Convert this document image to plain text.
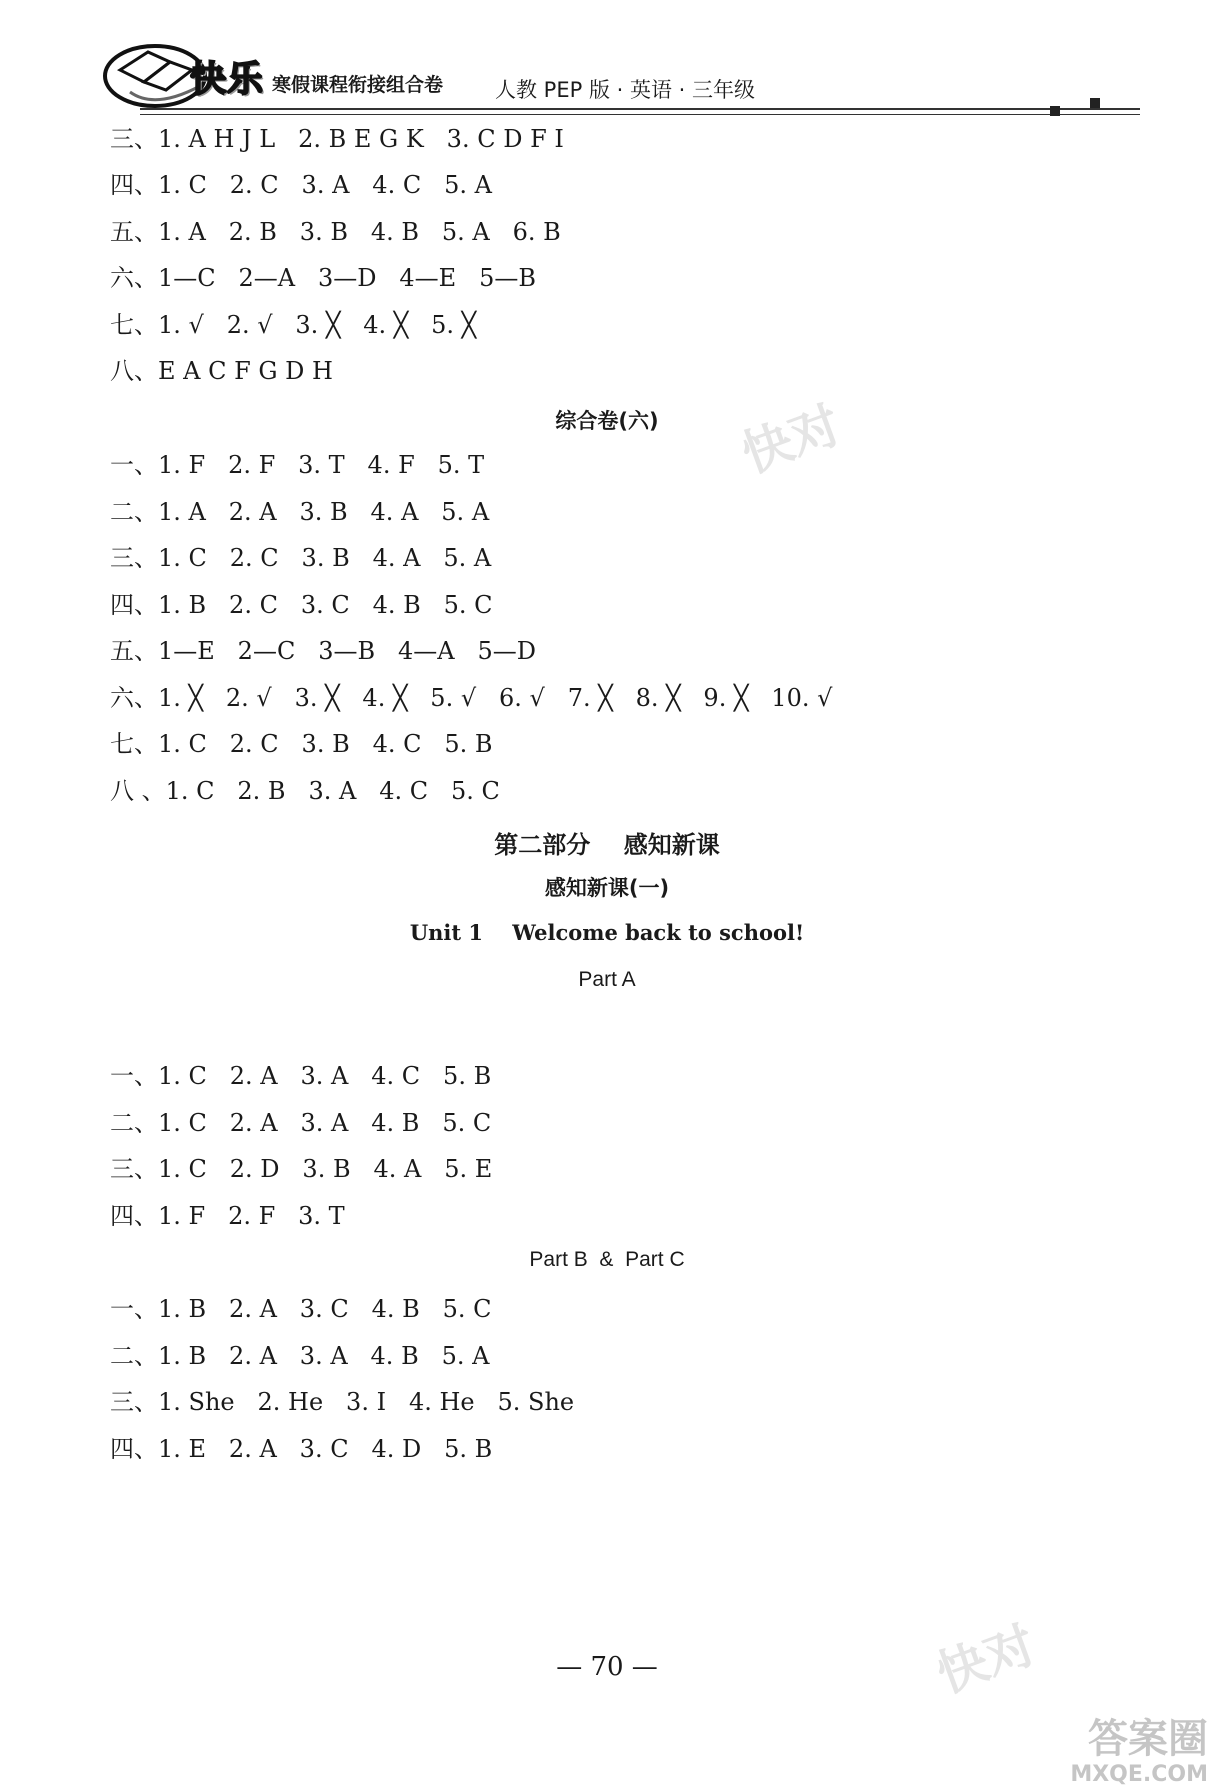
快乐 寒假课程衔接组合卷 人教 PEP 版 · 英语 · 三年级
三、1. A H J L   2. B E G K   3. C D F I
四、1. C   2. C   3. A   4. C   5. A
五、1. A   2. B   3. B   4. B   5. A   6. B
六、1—C   2—A   3—D   4—E   5—B
七、1. √   2. √   3. ╳   4. ╳   5. ╳
八、E A C F G D H
综合卷(六)
一、1. F   2. F   3. T   4. F   5. T
二、1. A   2. A   3. B   4. A   5. A
三、1. C   2. C   3. B   4. A   5. A
四、1. B   2. C   3. C   4. B   5. C
五、1—E   2—C   3—B   4—A   5—D
六、1. ╳   2. √   3. ╳   4. ╳   5. √   6. √   7. ╳   8. ╳   9. ╳   10. √
七、1. C   2. C   3. B   4. C   5. B
八 、1. C   2. B   3. A   4. C   5. C
第二部分    感知新课
感知新课(一)
Unit 1    Welcome back to school!
Part A
一、1. C   2. A   3. A   4. C   5. B
二、1. C   2. A   3. A   4. B   5. C
三、1. C   2. D   3. B   4. A   5. E
四、1. F   2. F   3. T
Part B  &  Part C
一、1. B   2. A   3. C   4. B   5. C
二、1. B   2. A   3. A   4. B   5. A
三、1. She   2. He   3. I   4. He   5. She
四、1. E   2. A   3. C   4. D   5. B
— 70 —
快对
快对
答案圈
MXQE.COM
